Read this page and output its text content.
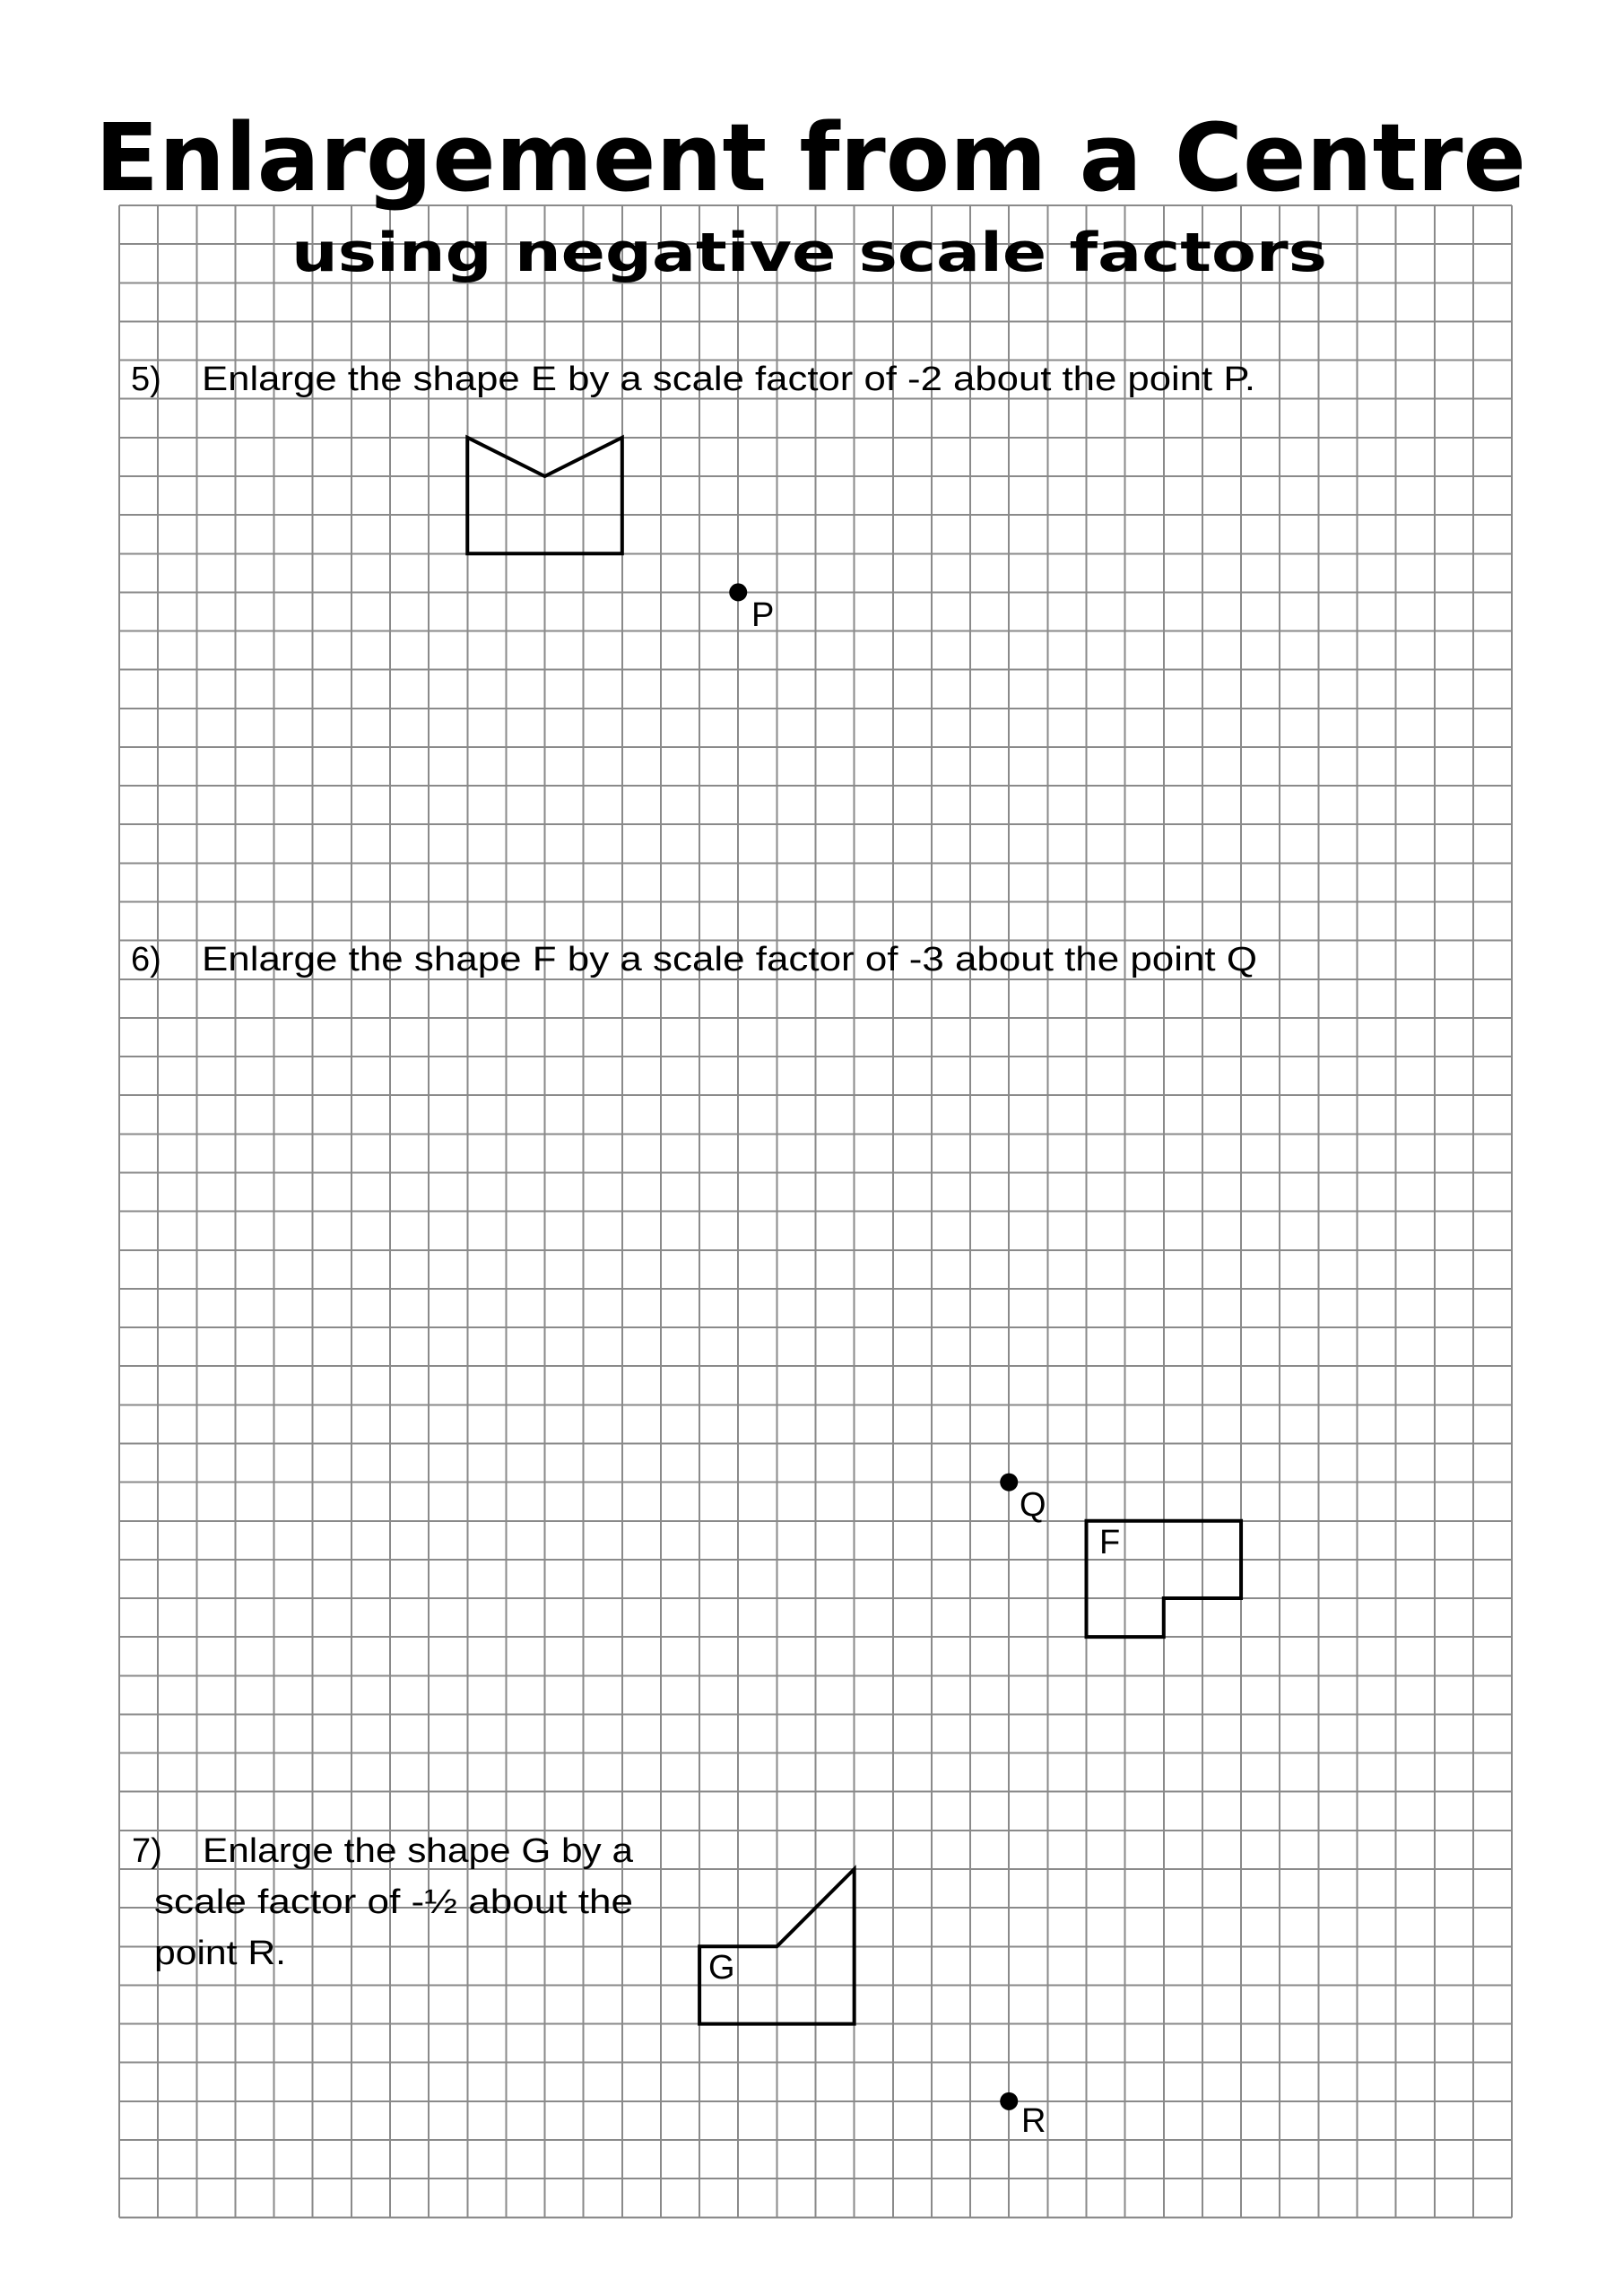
Enlargement from a Centre
using negative scale factors
5) Enlarge the shape E by a scale factor of -2 about the point P.
P
6) Enlarge the shape F by a scale factor of -3 about the point Q
F
Q
7) Enlarge the shape G by a
scale factor of -½ about the
point R.	G
R
